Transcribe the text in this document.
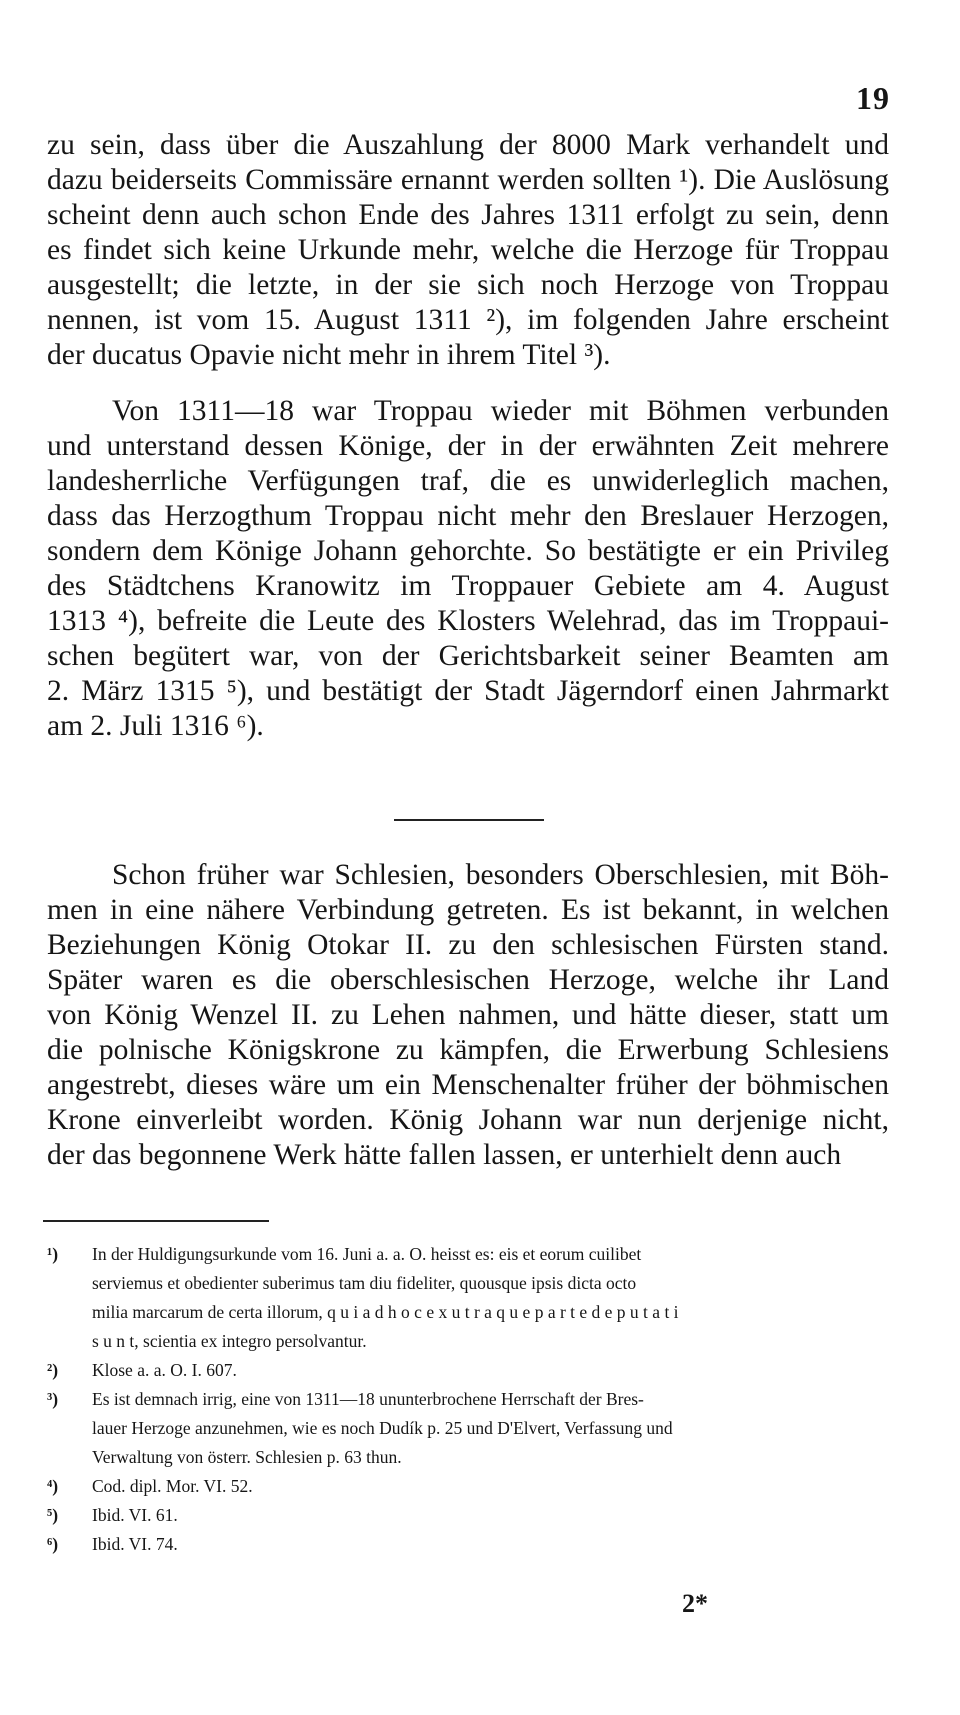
19
zu sein, dass über die Auszahlung der 8000 Mark verhandelt und
dazu beiderseits Commissäre ernannt werden sollten ¹). Die Auslösung
scheint denn auch schon Ende des Jahres 1311 erfolgt zu sein, denn
es findet sich keine Urkunde mehr, welche die Herzoge für Troppau
ausgestellt; die letzte, in der sie sich noch Herzoge von Troppau
nennen, ist vom 15. August 1311 ²), im folgenden Jahre erscheint
der ducatus Opavie nicht mehr in ihrem Titel ³).
Von 1311—18 war Troppau wieder mit Böhmen verbunden
und unterstand dessen Könige, der in der erwähnten Zeit mehrere
landesherrliche Verfügungen traf, die es unwiderleglich machen,
dass das Herzogthum Troppau nicht mehr den Breslauer Herzogen,
sondern dem Könige Johann gehorchte. So bestätigte er ein Privileg
des Städtchens Kranowitz im Troppauer Gebiete am 4. August
1313 ⁴), befreite die Leute des Klosters Welehrad, das im Troppaui-
schen begütert war, von der Gerichtsbarkeit seiner Beamten am
2. März 1315 ⁵), und bestätigt der Stadt Jägerndorf einen Jahrmarkt
am 2. Juli 1316 ⁶).
Schon früher war Schlesien, besonders Oberschlesien, mit Böh-
men in eine nähere Verbindung getreten. Es ist bekannt, in welchen
Beziehungen König Otokar II. zu den schlesischen Fürsten stand.
Später waren es die oberschlesischen Herzoge, welche ihr Land
von König Wenzel II. zu Lehen nahmen, und hätte dieser, statt um
die polnische Königskrone zu kämpfen, die Erwerbung Schlesiens
angestrebt, dieses wäre um ein Menschenalter früher der böhmischen
Krone einverleibt worden. König Johann war nun derjenige nicht,
der das begonnene Werk hätte fallen lassen, er unterhielt denn auch
¹) In der Huldigungsurkunde vom 16. Juni a. a. O. heisst es: eis et eorum cuilibet
serviemus et obedienter suberimus tam diu fideliter, quousque ipsis dicta octo
milia marcarum de certa illorum, q u i a d h o c e x u t r a q u e p a r t e d e p u t a t i
s u n t, scientia ex integro persolvantur.
²) Klose a. a. O. I. 607.
³) Es ist demnach irrig, eine von 1311—18 ununterbrochene Herrschaft der Bres-
lauer Herzoge anzunehmen, wie es noch Dudík p. 25 und D'Elvert, Verfassung und
Verwaltung von österr. Schlesien p. 63 thun.
⁴) Cod. dipl. Mor. VI. 52.
⁵) Ibid. VI. 61.
⁶) Ibid. VI. 74.
2*
